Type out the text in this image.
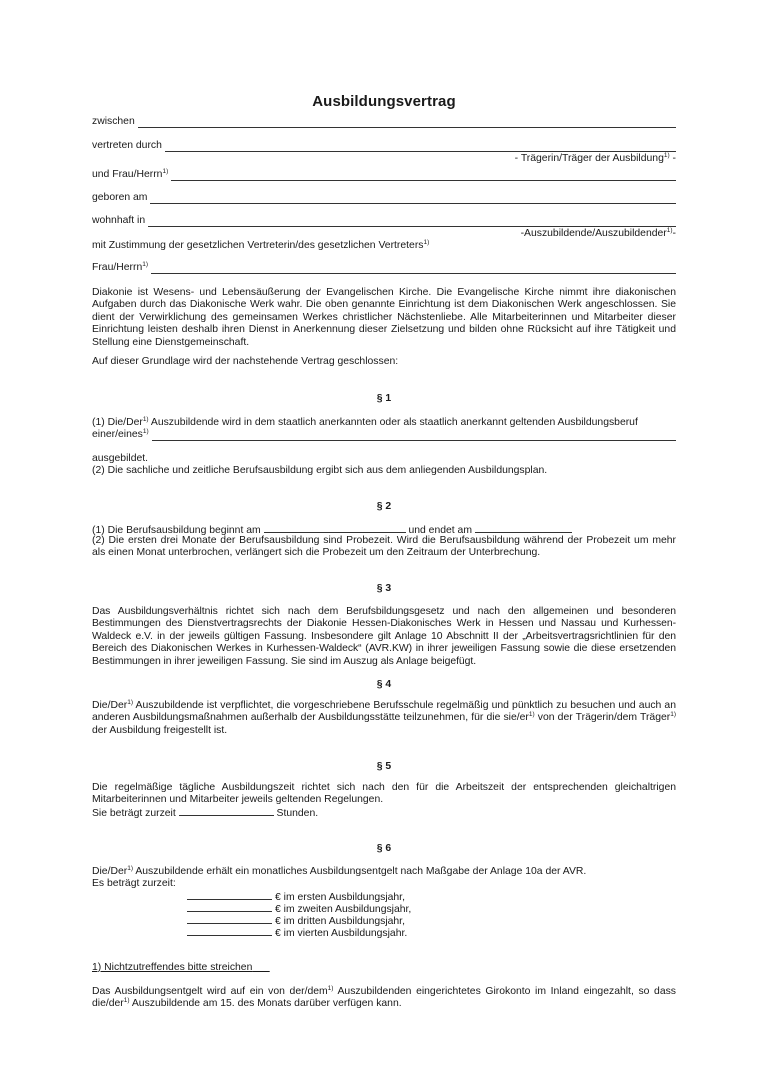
Ausbildungsvertrag
zwischen
vertreten durch
- Trägerin/Träger der Ausbildung$^{1)}$ -
und Frau/Herrn$^{1)}$
geboren am
wohnhaft in
-Auszubildende/Auszubildender$^{1)}$-
mit Zustimmung der gesetzlichen Vertreterin/des gesetzlichen Vertreters$^{1)}$
Frau/Herrn$^{1)}$

Diakonie ist Wesens- und Lebensäußerung der Evangelischen Kirche. Die Evangelische Kirche nimmt ihre diakonischen Aufgaben durch das Diakonische Werk wahr. Die oben genannte Einrichtung ist dem Diakonischen Werk angeschlossen. Sie dient der Verwirklichung des gemeinsamen Werkes christlicher Nächstenliebe. Alle Mitarbeiterinnen und Mitarbeiter dieser Einrichtung leisten deshalb ihren Dienst in Anerkennung dieser Zielsetzung und bilden ohne Rücksicht auf ihre Tätigkeit und Stellung eine Dienstgemeinschaft.

Auf dieser Grundlage wird der nachstehende Vertrag geschlossen:

§ 1

(1) Die/Der$^{1)}$ Auszubildende wird in dem staatlich anerkannten oder als staatlich anerkannt geltenden Ausbildungsberuf

einer/eines$^{1)}$

ausgebildet.

(2) Die sachliche und zeitliche Berufsausbildung ergibt sich aus dem anliegenden Ausbildungsplan.

§ 2

(1) Die Berufsausbildung beginnt am	und endet am

(2) Die ersten drei Monate der Berufsausbildung sind Probezeit. Wird die Berufsausbildung während der Probezeit um mehr als einen Monat unterbrochen, verlängert sich die Probezeit um den Zeitraum der Unterbrechung.

§ 3

Das Ausbildungsverhältnis richtet sich nach dem Berufsbildungsgesetz und nach den allgemeinen und besonderen Bestimmungen des Dienstvertragsrechts der Diakonie Hessen-Diakonisches Werk in Hessen und Nassau und Kurhessen-Waldeck e.V. in der jeweils gültigen Fassung. Insbesondere gilt Anlage 10 Abschnitt II der „Arbeitsvertragsrichtlinien für den Bereich des Diakonischen Werkes in Kurhessen-Waldeck“ (AVR.KW) in ihrer jeweiligen Fassung sowie die diese ersetzenden Bestimmungen in ihrer jeweiligen Fassung. Sie sind im Auszug als Anlage beigefügt.

§ 4

Die/Der$^{1)}$ Auszubildende ist verpflichtet, die vorgeschriebene Berufsschule regelmäßig und pünktlich zu besuchen und auch an anderen Ausbildungsmaßnahmen außerhalb der Ausbildungsstätte teilzunehmen, für die sie/$er^{1)}$ von der Trägerin/dem Träger$^{1)}$ der Ausbildung freigestellt ist.

§ 5

Die regelmäßige tägliche Ausbildungszeit richtet sich nach den für die Arbeitszeit der entsprechenden gleichaltrigen Mitarbeiterinnen und Mitarbeiter jeweils geltenden Regelungen.

Sie beträgt zurzeit	Stunden.

§ 6

Die/Der$^{1)}$ Auszubildende erhält ein monatliches Ausbildungsentgelt nach Maßgabe der Anlage 10a der AVR.

Es beträgt zurzeit:

€ im ersten Ausbildungsjahr,
€ im zweiten Ausbildungsjahr,
€ im dritten Ausbildungsjahr,
€ im vierten Ausbildungsjahr.
1) Nichtzutreffendes bitte streichen

Das Ausbildungsentgelt wird auf ein von der/dem$^{1)}$ Auszubildenden eingerichtetes Girokonto im Inland eingezahlt, so dass die/der$^{1)}$ Auszubildende am 15. des Monats darüber verfügen kann.
